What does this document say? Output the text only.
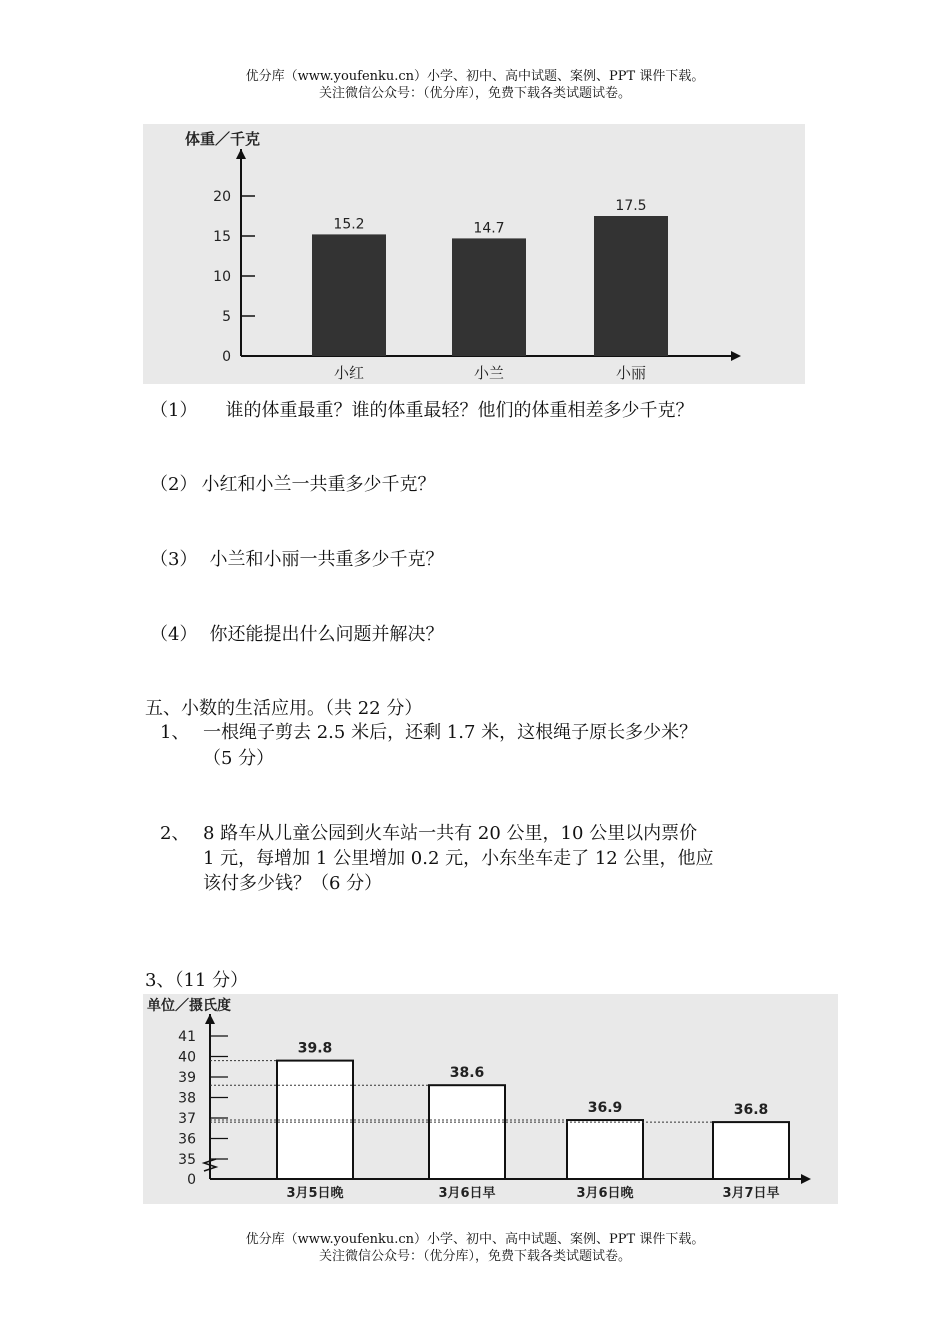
优分库（www.youfenku.cn）小学、初中、高中试题、案例、PPT 课件下载。
关注微信公众号：（优分库），免费下载各类试题试卷。
体重／千克
0
5
10
15
20
15.2
小红
14.7
小兰
17.5
小丽
（1） 谁的体重最重？谁的体重最轻？他们的体重相差多少千克？
（2） 小红和小兰一共重多少千克？
（3） 小兰和小丽一共重多少千克？
（4） 你还能提出什么问题并解决？
五、小数的生活应用。（共 22 分）
1、 一根绳子剪去 2.5 米后，还剩 1.7 米，这根绳子原长多少米？
（5 分）
2、 8 路车从儿童公园到火车站一共有 20 公里，10 公里以内票价
1 元，每增加 1 公里增加 0.2 元，小东坐车走了 12 公里，他应
该付多少钱？（6 分）
3、（11 分）
单位／摄氏度
0
35
36
37
38
39
40
41
39.8
3月5日晚
38.6
3月6日早
36.9
3月6日晚
36.8
3月7日早
优分库（www.youfenku.cn）小学、初中、高中试题、案例、PPT 课件下载。
关注微信公众号：（优分库），免费下载各类试题试卷。
